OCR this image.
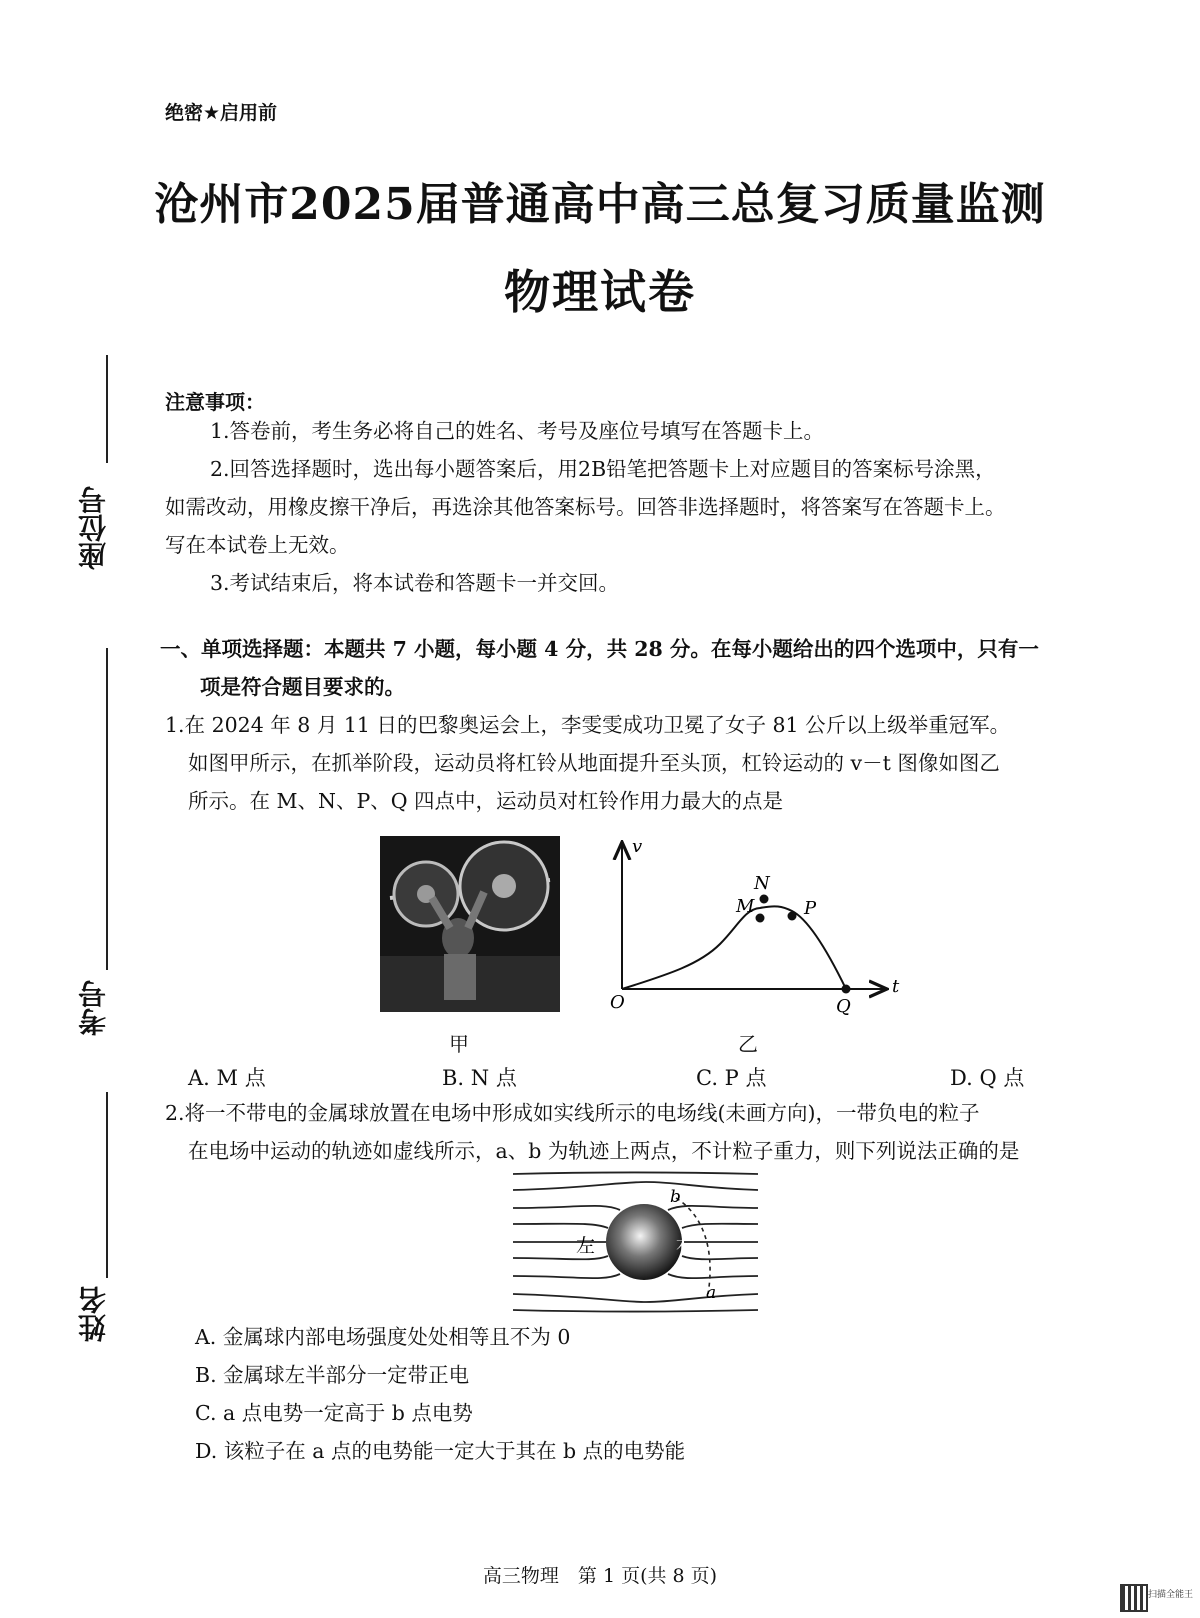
绝密★启用前
沧州市2025届普通高中高三总复习质量监测
物理试卷
座位号
考号
姓名
注意事项：
1.答卷前，考生务必将自己的姓名、考号及座位号填写在答题卡上。
2.回答选择题时，选出每小题答案后，用2B铅笔把答题卡上对应题目的答案标号涂黑，
如需改动，用橡皮擦干净后，再选涂其他答案标号。回答非选择题时，将答案写在答题卡上。
写在本试卷上无效。
3.考试结束后，将本试卷和答题卡一并交回。
一、单项选择题：本题共 7 小题，每小题 4 分，共 28 分。在每小题给出的四个选项中，只有一
项是符合题目要求的。
1.在 2024 年 8 月 11 日的巴黎奥运会上，李雯雯成功卫冕了女子 81 公斤以上级举重冠军。
如图甲所示，在抓举阶段，运动员将杠铃从地面提升至头顶，杠铃运动的 v－t 图像如图乙
所示。在 M、N、P、Q 四点中，运动员对杠铃作用力最大的点是
甲
v
t
O
M
N
P
Q
乙
A. M 点	B. N 点	C. P 点	D. Q 点
2.将一不带电的金属球放置在电场中形成如实线所示的电场线(未画方向)，一带负电的粒子
在电场中运动的轨迹如虚线所示，a、b 为轨迹上两点，不计粒子重力，则下列说法正确的是
左	右
b
a
A. 金属球内部电场强度处处相等且不为 0
B. 金属球左半部分一定带正电
C. a 点电势一定高于 b 点电势
D. 该粒子在 a 点的电势能一定大于其在 b 点的电势能
高三物理　第 1 页(共 8 页)
扫描全能王
